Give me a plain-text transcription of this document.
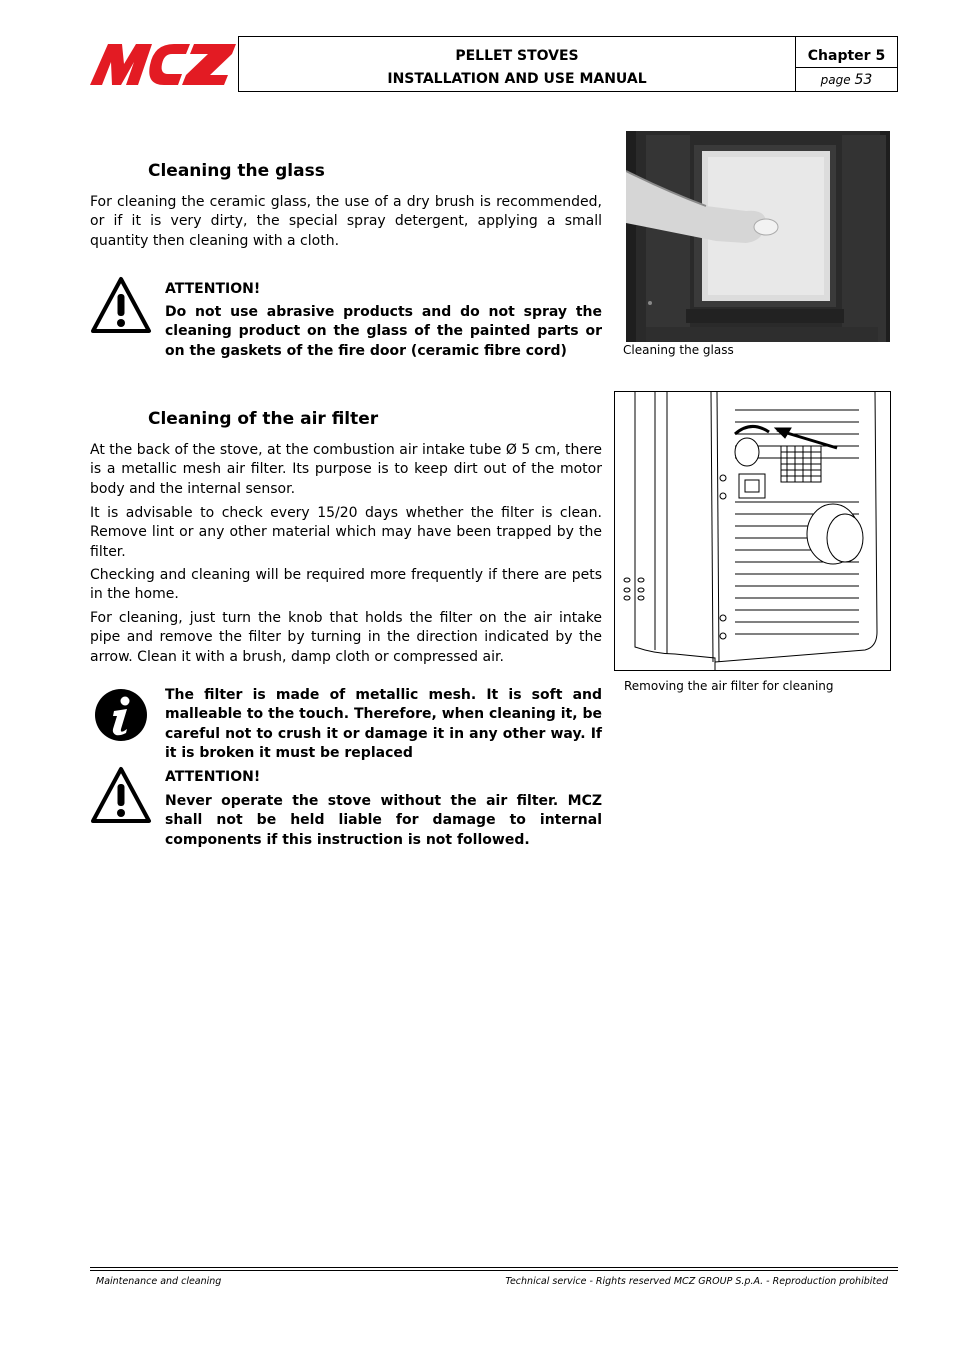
PELLET STOVES
INSTALLATION AND USE MANUAL
Chapter 5
page 53
Cleaning the glass

For cleaning the ceramic glass, the use of a dry brush is recommended, or if it is very dirty, the special spray detergent, applying a small quantity then cleaning with a cloth.

ATTENTION!

Do not use abrasive products and do not spray the cleaning product on the glass of the painted parts or on the gaskets of the fire door (ceramic fibre cord)	Cleaning the glass
Cleaning of the air filter

At the back of the stove, at the combustion air intake tube Ø 5 cm, there is a metallic mesh air filter. Its purpose is to keep dirt out of the motor body and the internal sensor.

It is advisable to check every 15/20 days whether the filter is clean. Remove lint or any other material which may have been trapped by the filter.

Checking and cleaning will be required more frequently if there are pets in the home.

For cleaning, just turn the knob that holds the filter on the air intake pipe and remove the filter by turning in the direction indicated by the arrow. Clean it with a brush, damp cloth or compressed air.

The filter is made of metallic mesh. It is soft and malleable to the touch. Therefore, when cleaning it, be careful not to crush it or damage it in any other way. If it is broken it must be replaced

ATTENTION!

Never operate the stove without the air filter. MCZ shall not be held liable for damage to internal components if this instruction is not followed.

Removing the air filter for cleaning
Maintenance and cleaning	Technical service - Rights reserved MCZ GROUP S.p.A. - Reproduction prohibited
